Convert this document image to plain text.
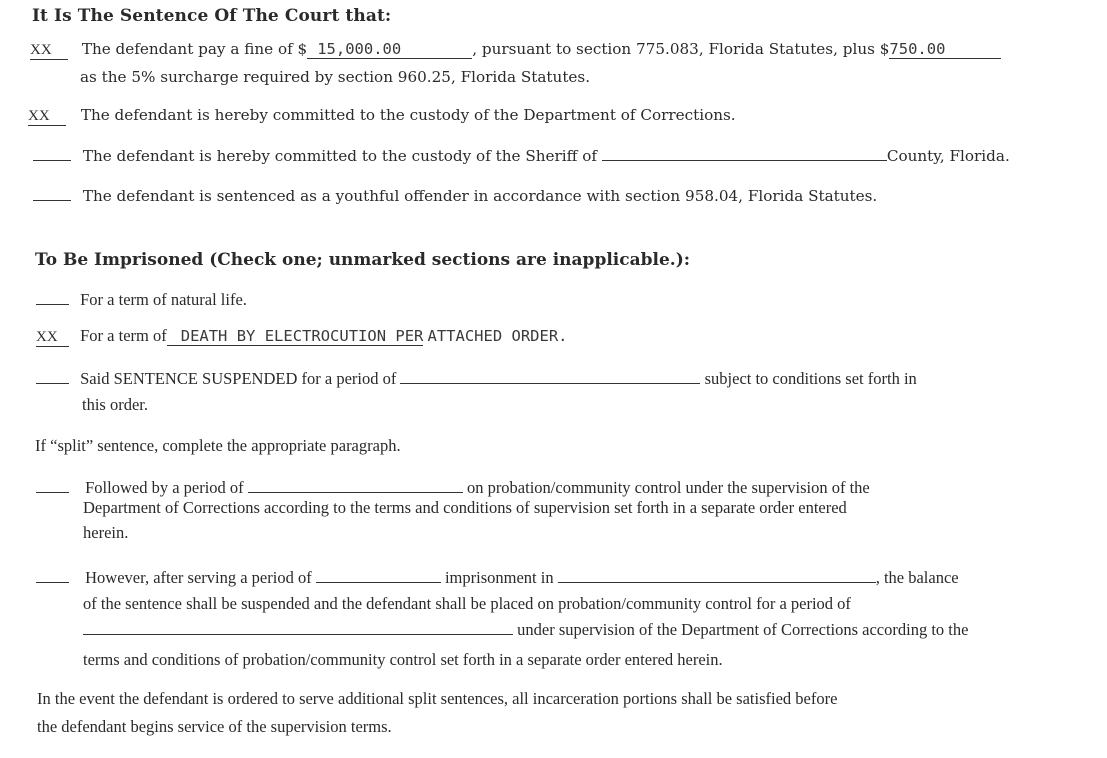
It Is The Sentence Of The Court that:
XX The defendant pay a fine of $ 15,000.00	, pursuant to section 775.083, Florida Statutes, plus $750.00
as the 5% surcharge required by section 960.25, Florida Statutes.
XX The defendant is hereby committed to the custody of the Department of Corrections.
The defendant is hereby committed to the custody of the Sheriff of	County, Florida.
The defendant is sentenced as a youthful offender in accordance with section 958.04, Florida Statutes.
To Be Imprisoned (Check one; unmarked sections are inapplicable.):
For a term of natural life.
XX For a term of DEATH BY ELECTROCUTION PER ATTACHED ORDER.
Said SENTENCE SUSPENDED for a period of	subject to conditions set forth in
this order.
If “split” sentence, complete the appropriate paragraph.
Followed by a period of	on probation/community control under the supervision of the
Department of Corrections according to the terms and conditions of supervision set forth in a separate order entered
herein.
However, after serving a period of	imprisonment in	, the balance
of the sentence shall be suspended and the defendant shall be placed on probation/community control for a period of
under supervision of the Department of Corrections according to the
terms and conditions of probation/community control set forth in a separate order entered herein.
In the event the defendant is ordered to serve additional split sentences, all incarceration portions shall be satisfied before
the defendant begins service of the supervision terms.
